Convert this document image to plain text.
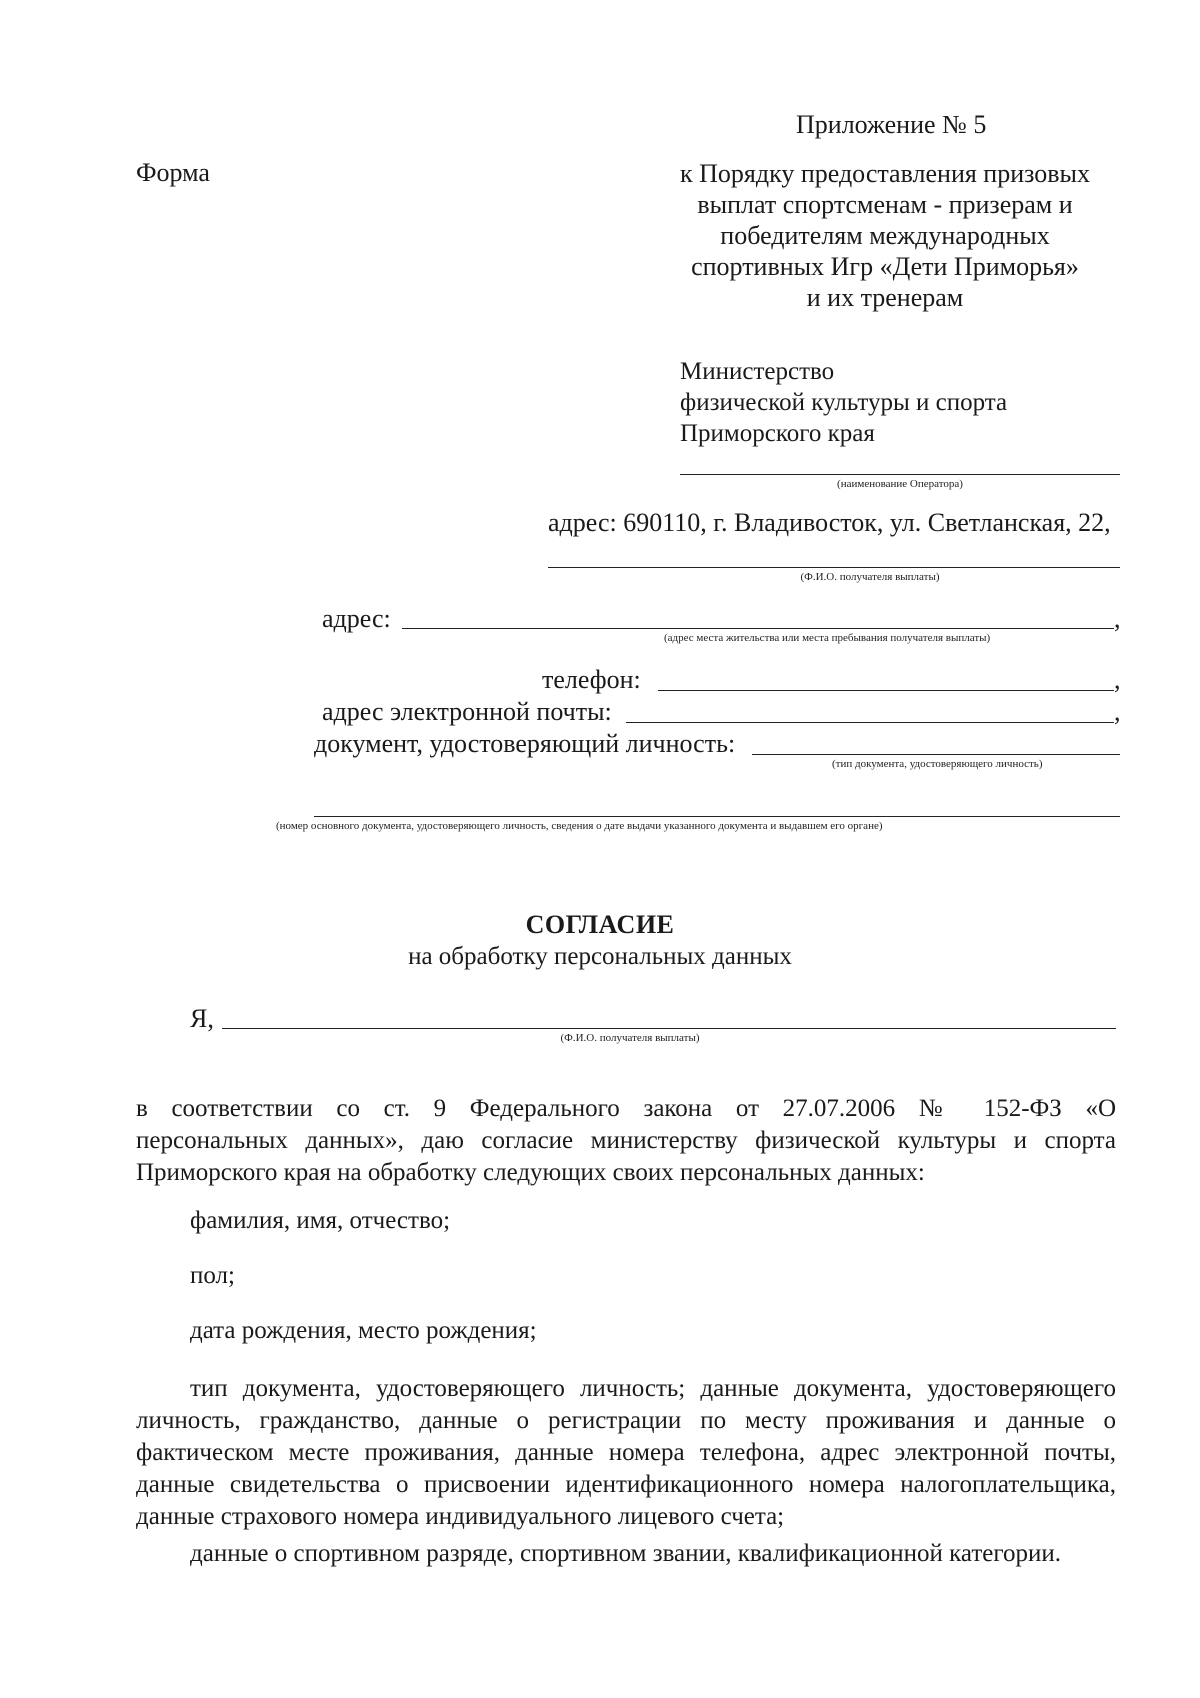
Приложение № 5
Форма	к Порядку предоставления призовых
выплат спортсменам - призерам и
победителям международных
спортивных Игр «Дети Приморья»
и их тренерам
Министерство
физической культуры и спорта
Приморского края
(наименование Оператора)
адрес: 690110, г. Владивосток, ул. Светланская, 22,
(Ф.И.О. получателя выплаты)
адрес:	,
(адрес места жительства или места пребывания получателя выплаты)
телефон:	,
адрес электронной почты:	,
документ, удостоверяющий личность:
(тип документа, удостоверяющего личность)
(номер основного документа, удостоверяющего личность, сведения о дате выдачи указанного документа и выдавшем его органе)
СОГЛАСИЕ
на обработку персональных данных
Я,
(Ф.И.О. получателя выплаты)
в соответствии со ст. 9 Федерального закона от 27.07.2006 № 152-ФЗ «О
персональных данных», даю согласие министерству физической культуры и спорта
Приморского края на обработку следующих своих персональных данных:
фамилия, имя, отчество;
пол;
дата рождения, место рождения;
тип документа, удостоверяющего личность; данные документа, удостоверяющего
личность, гражданство, данные о регистрации по месту проживания и данные о
фактическом месте проживания, данные номера телефона, адрес электронной почты,
данные свидетельства о присвоении идентификационного номера налогоплательщика,
данные страхового номера индивидуального лицевого счета;
данные о спортивном разряде, спортивном звании, квалификационной категории.
